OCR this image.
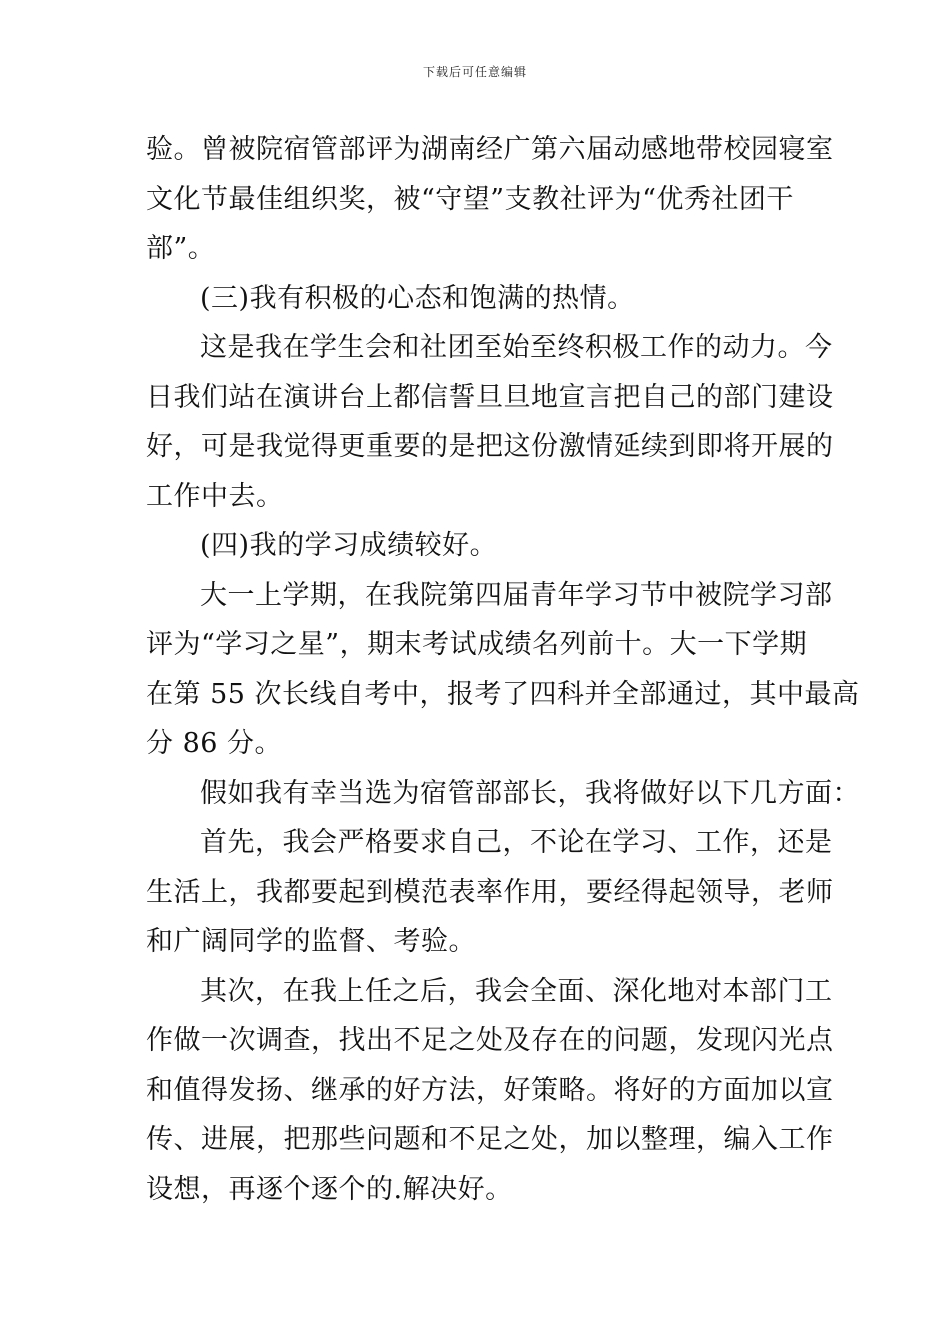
下载后可任意编辑
验。曾被院宿管部评为湖南经广第六届动感地带校园寝室
文化节最佳组织奖，被“守望”支教社评为“优秀社团干
部”。
(三)我有积极的心态和饱满的热情。
这是我在学生会和社团至始至终积极工作的动力。今
日我们站在演讲台上都信誓旦旦地宣言把自己的部门建设
好，可是我觉得更重要的是把这份激情延续到即将开展的
工作中去。
(四)我的学习成绩较好。
大一上学期，在我院第四届青年学习节中被院学习部
评为“学习之星”，期末考试成绩名列前十。大一下学期
在第 55 次长线自考中，报考了四科并全部通过，其中最高
分 86 分。
假如我有幸当选为宿管部部长，我将做好以下几方面：
首先，我会严格要求自己，不论在学习、工作，还是
生活上，我都要起到模范表率作用，要经得起领导，老师
和广阔同学的监督、考验。
其次，在我上任之后，我会全面、深化地对本部门工
作做一次调查，找出不足之处及存在的问题，发现闪光点
和值得发扬、继承的好方法，好策略。将好的方面加以宣
传、进展，把那些问题和不足之处，加以整理，编入工作
设想，再逐个逐个的.解决好。
